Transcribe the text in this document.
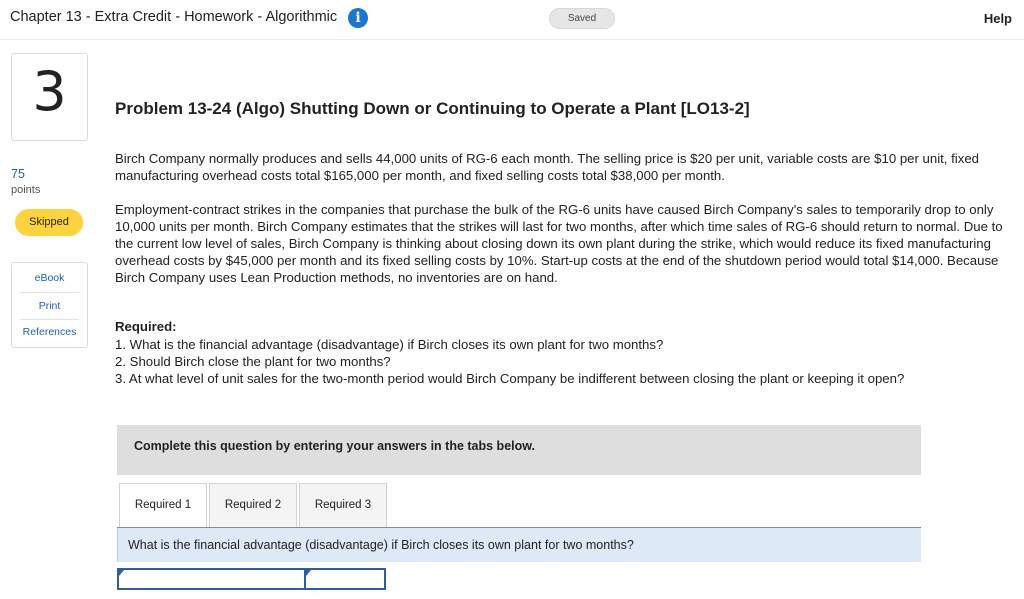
Chapter 13 - Extra Credit - Homework - Algorithmic	i	Saved	Help
3
75
points
Skipped
eBook
Print
References
Problem 13-24 (Algo) Shutting Down or Continuing to Operate a Plant [LO13-2]
Birch Company normally produces and sells 44,000 units of RG-6 each month. The selling price is $20 per unit, variable costs are $10 per unit, fixed manufacturing overhead costs total $165,000 per month, and fixed selling costs total $38,000 per month.
Employment-contract strikes in the companies that purchase the bulk of the RG-6 units have caused Birch Company's sales to temporarily drop to only 10,000 units per month. Birch Company estimates that the strikes will last for two months, after which time sales of RG-6 should return to normal. Due to the current low level of sales, Birch Company is thinking about closing down its own plant during the strike, which would reduce its fixed manufacturing overhead costs by $45,000 per month and its fixed selling costs by 10%. Start-up costs at the end of the shutdown period would total $14,000. Because Birch Company uses Lean Production methods, no inventories are on hand.
Required:
1. What is the financial advantage (disadvantage) if Birch closes its own plant for two months?
2. Should Birch close the plant for two months?
3. At what level of unit sales for the two-month period would Birch Company be indifferent between closing the plant or keeping it open?
Complete this question by entering your answers in the tabs below.
Required 1	Required 2	Required 3
What is the financial advantage (disadvantage) if Birch closes its own plant for two months?
